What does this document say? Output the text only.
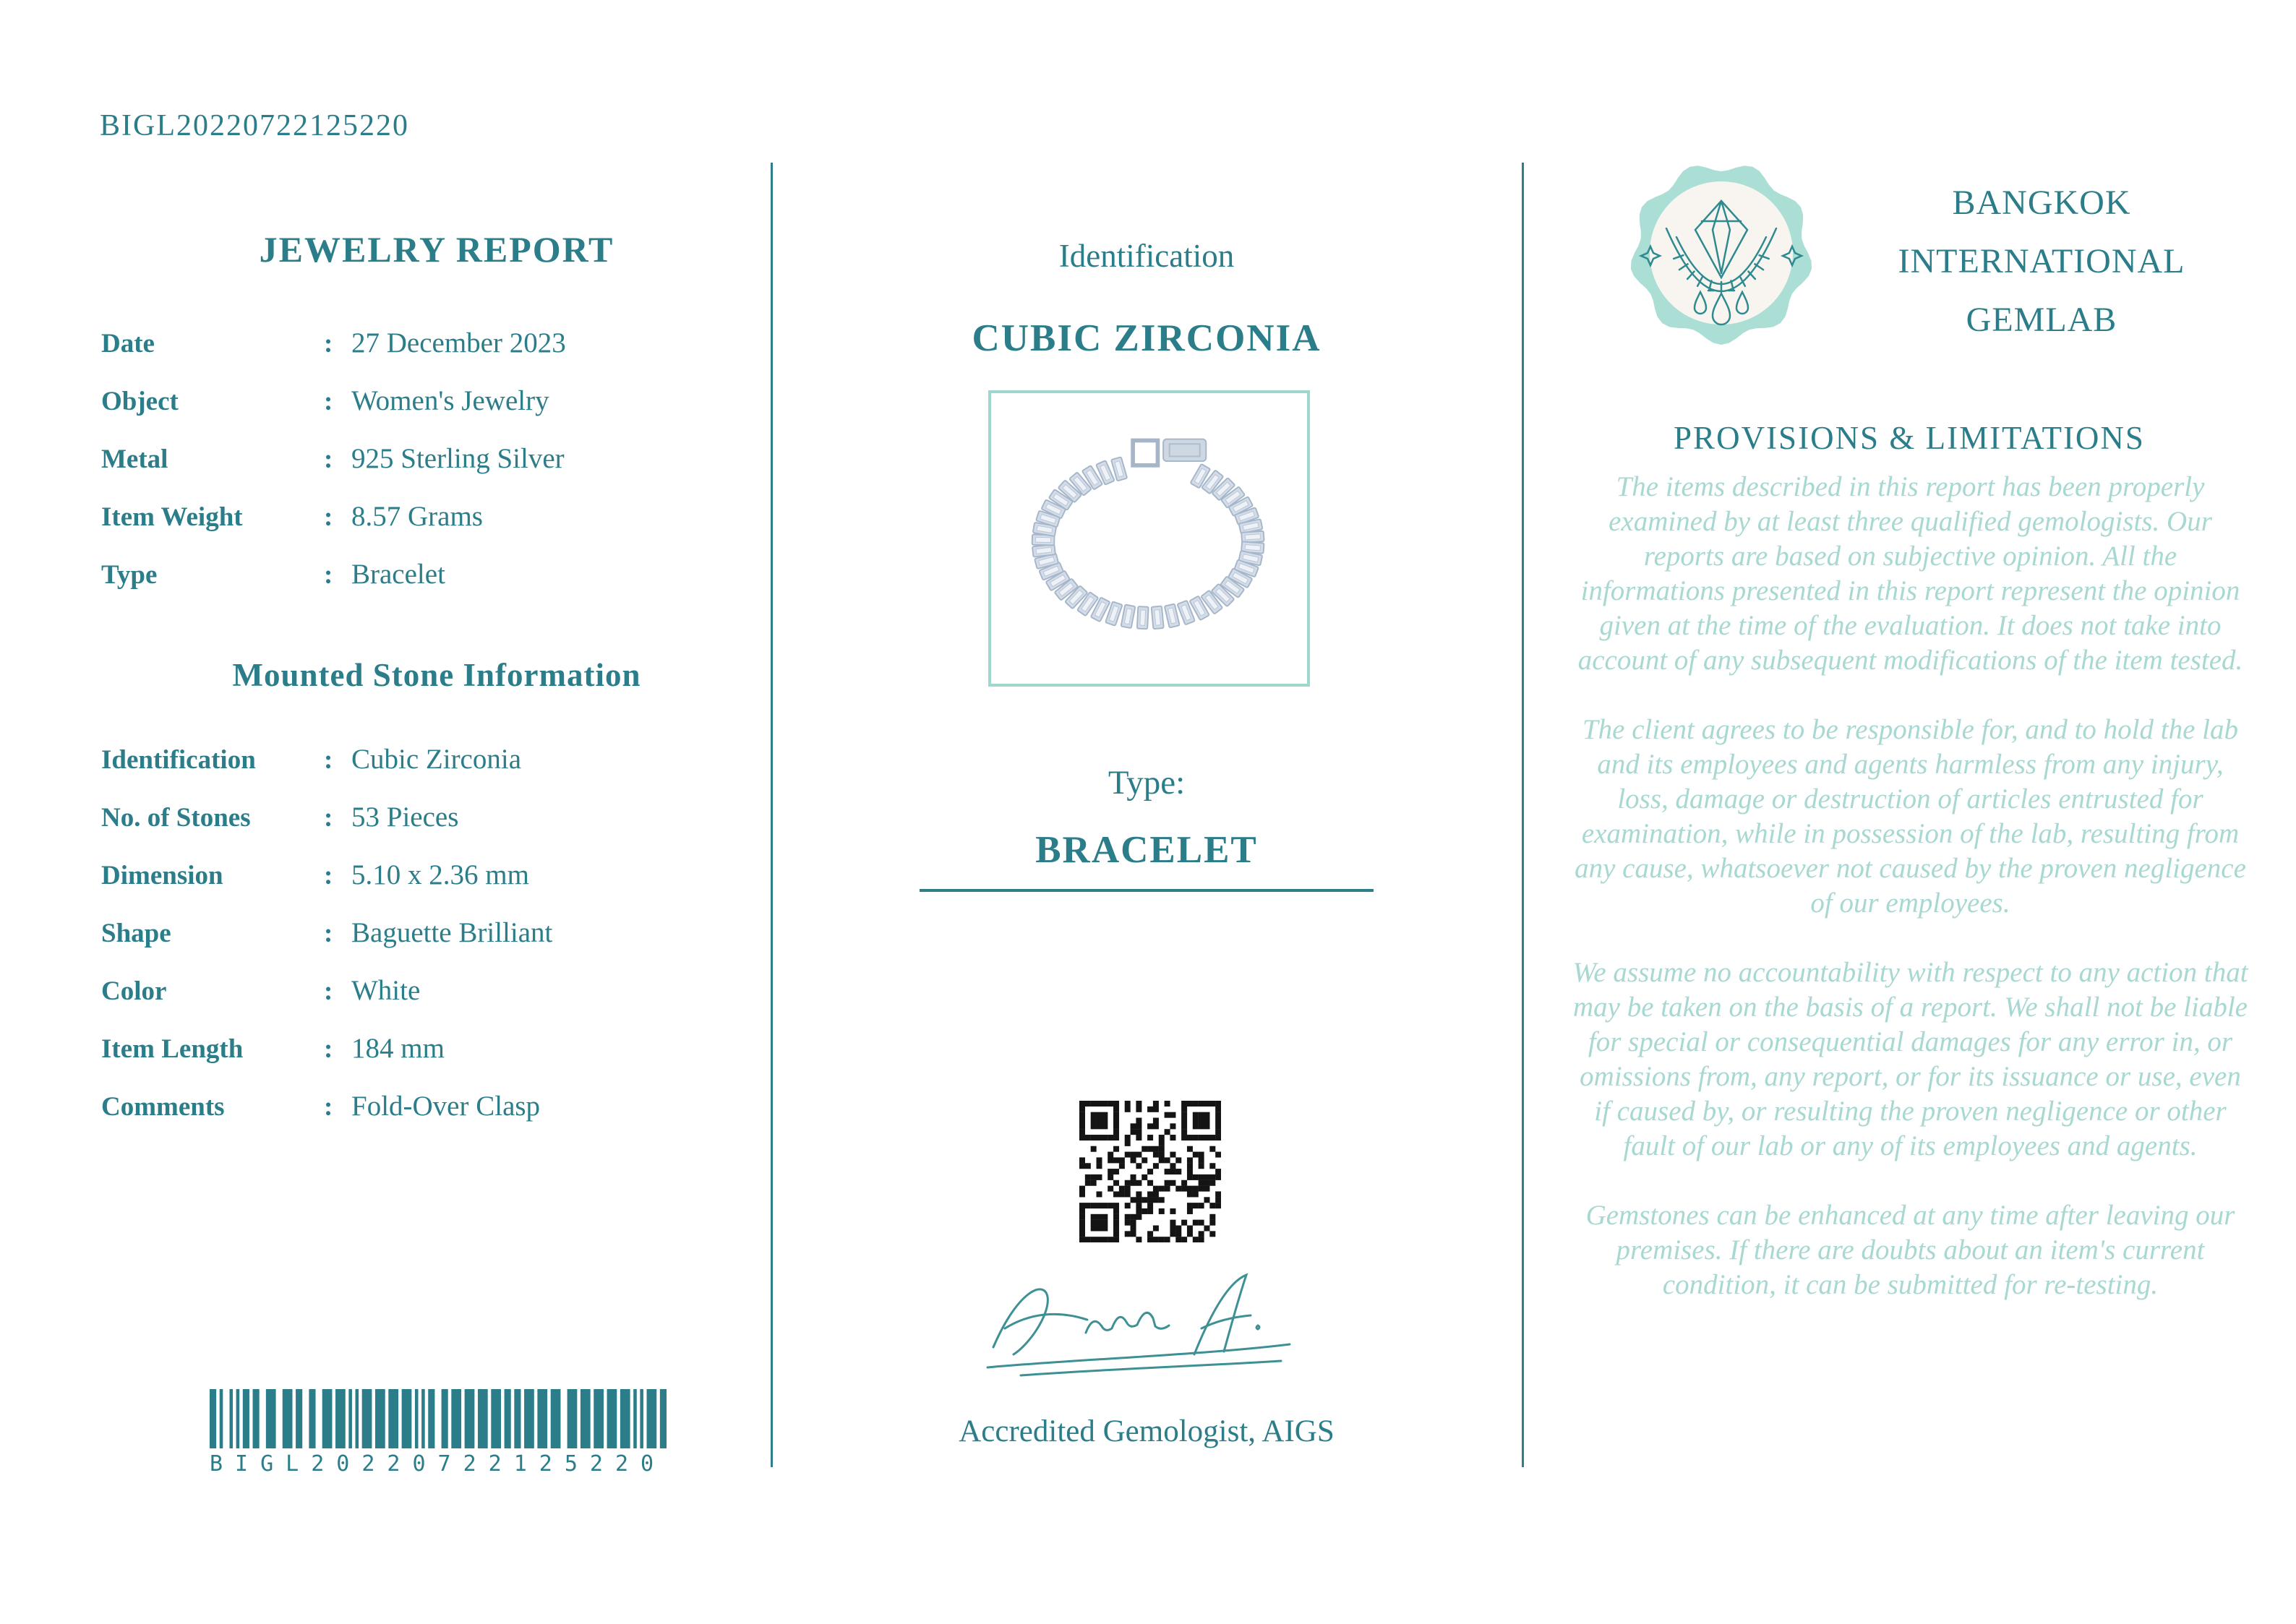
BIGL20220722125220
JEWELRY REPORT
Date	: 27 December 2023
Object	: Women's Jewelry
Metal	: 925 Sterling Silver
Item Weight	: 8.57 Grams
Type	: Bracelet
Mounted Stone Information
Identification	: Cubic Zirconia
No. of Stones	: 53 Pieces
Dimension	: 5.10 x 2.36 mm
Shape	: Baguette Brilliant
Color	: White
Item Length	: 184 mm
Comments	: Fold-Over Clasp
BIGL20220722125220
Identification
CUBIC ZIRCONIA
Type:
BRACELET
Accredited Gemologist, AIGS
BANGKOK
INTERNATIONAL
GEMLAB
PROVISIONS & LIMITATIONS

The items described in this report has been properly examined by at least three qualified gemologists. Our reports are based on subjective opinion. All the informations presented in this report represent the opinion given at the time of the evaluation. It does not take into account of any subsequent modifications of the item tested.

The client agrees to be responsible for, and to hold the lab and its employees and agents harmless from any injury, loss, damage or destruction of articles entrusted for examination, while in possession of the lab, resulting from any cause, whatsoever not caused by the proven negligence of our employees.

We assume no accountability with respect to any action that may be taken on the basis of a report. We shall not be liable for special or consequential damages for any error in, or omissions from, any report, or for its issuance or use, even if caused by, or resulting the proven negligence or other fault of our lab or any of its employees and agents.

Gemstones can be enhanced at any time after leaving our premises. If there are doubts about an item's current condition, it can be submitted for re-testing.
